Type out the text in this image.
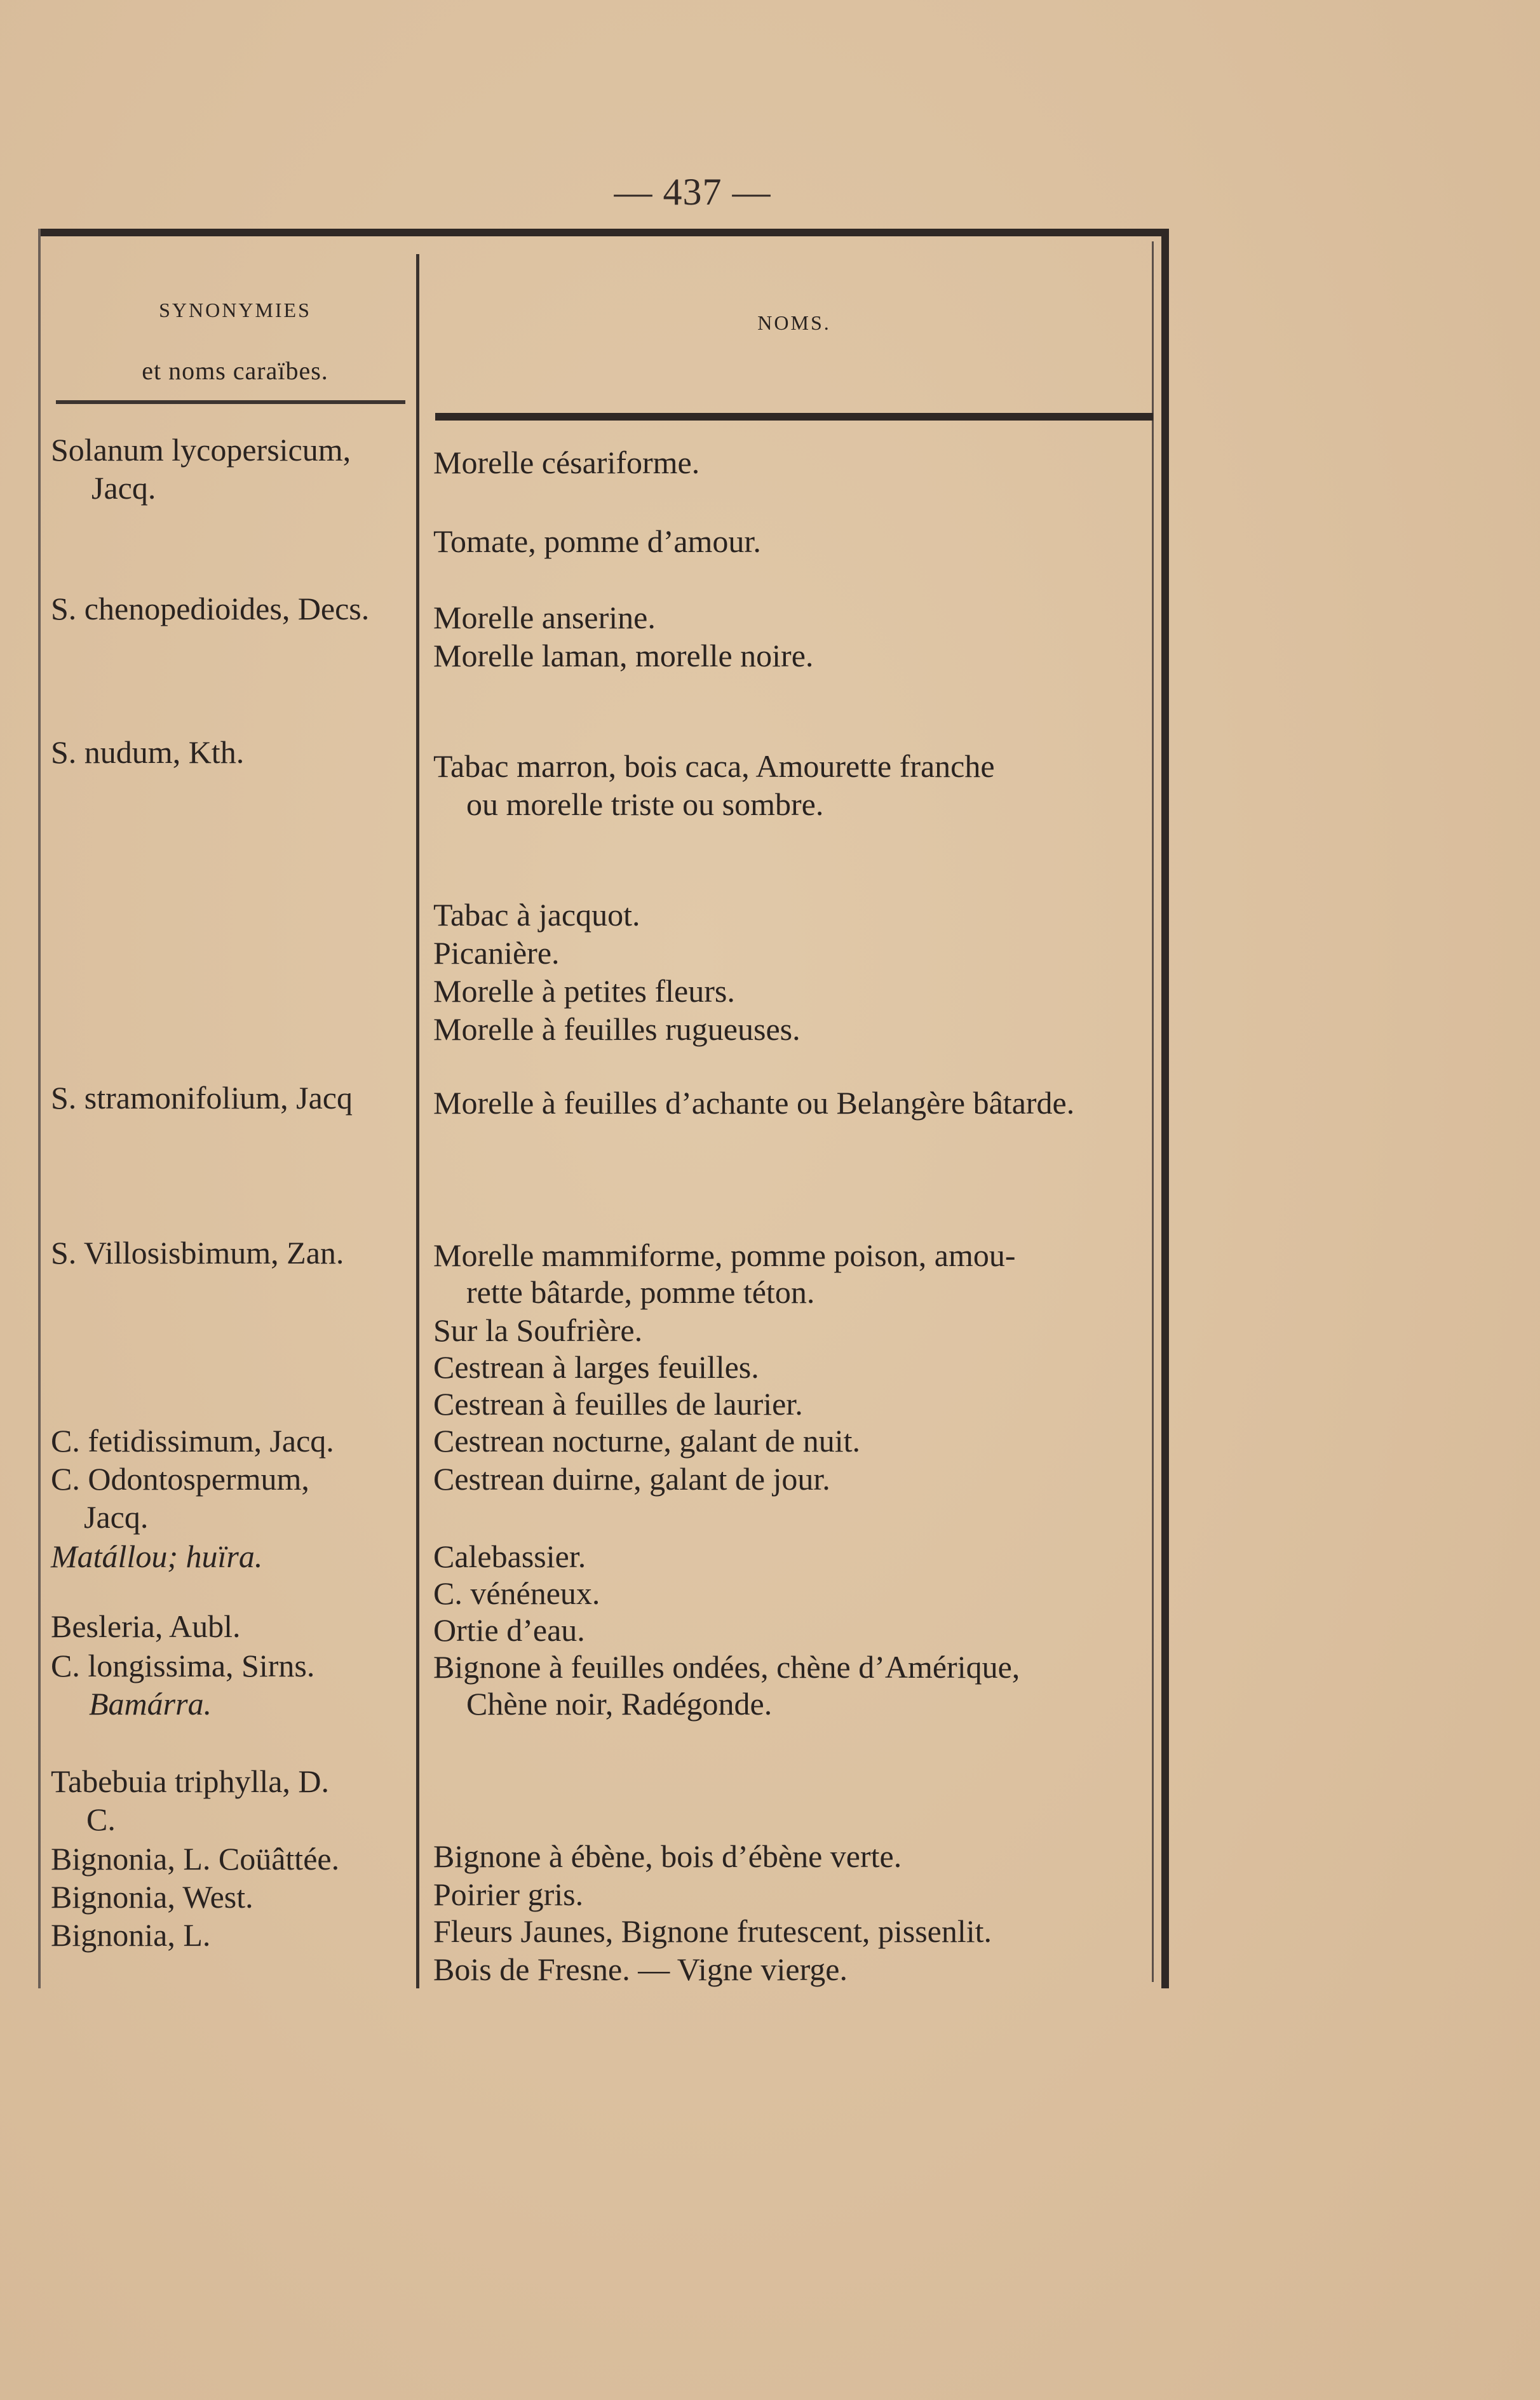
— 437 —
SYNONYMIES
et noms caraïbes.
NOMS.
Solanum lycopersicum,
Jacq.
S. chenopedioides, Decs.
S. nudum, Kth.
S. stramonifolium, Jacq
S. Villosisbimum, Zan.
C. fetidissimum, Jacq.
C. Odontospermum,
Jacq.
Matállou; huïra.
Besleria, Aubl.
C. longissima, Sirns.
Bamárra.
Tabebuia triphylla, D.
C.
Bignonia, L. Coüâttée.
Bignonia, West.
Bignonia, L.
Morelle césariforme.
Tomate, pomme d’amour.
Morelle anserine.
Morelle laman, morelle noire.
Tabac marron, bois caca, Amourette franche
ou morelle triste ou sombre.
Tabac à jacquot.
Picanière.
Morelle à petites fleurs.
Morelle à feuilles rugueuses.
Morelle à feuilles d’achante ou Belangère bâtarde.
Morelle mammiforme, pomme poison, amou-
rette bâtarde, pomme téton.
Sur la Soufrière.
Cestrean à larges feuilles.
Cestrean à feuilles de laurier.
Cestrean nocturne, galant de nuit.
Cestrean duirne, galant de jour.
Calebassier.
C. vénéneux.
Ortie d’eau.
Bignone à feuilles ondées, chène d’Amérique,
Chène noir, Radégonde.
Bignone à ébène, bois d’ébène verte.
Poirier gris.
Fleurs Jaunes, Bignone frutescent, pissenlit.
Bois de Fresne. — Vigne vierge.
